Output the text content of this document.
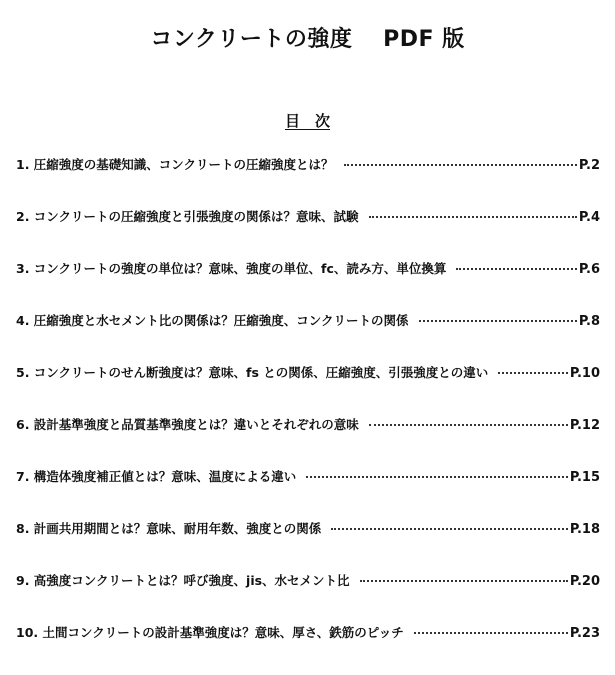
コンクリートの強度　 PDF 版
目　次
1. 圧縮強度の基礎知識、コンクリートの圧縮強度とは？	P.2
2. コンクリートの圧縮強度と引張強度の関係は？意味、試験	P.4
3. コンクリートの強度の単位は？意味、強度の単位、fc、読み方、単位換算	P.6
4. 圧縮強度と水セメント比の関係は？圧縮強度、コンクリートの関係	P.8
5. コンクリートのせん断強度は？意味、fs との関係、圧縮強度、引張強度との違い	P.10
6. 設計基準強度と品質基準強度とは？違いとそれぞれの意味	P.12
7. 構造体強度補正値とは？意味、温度による違い	P.15
8. 計画共用期間とは？意味、耐用年数、強度との関係	P.18
9. 高強度コンクリートとは？呼び強度、jis、水セメント比	P.20
10. 土間コンクリートの設計基準強度は？意味、厚さ、鉄筋のピッチ	P.23
